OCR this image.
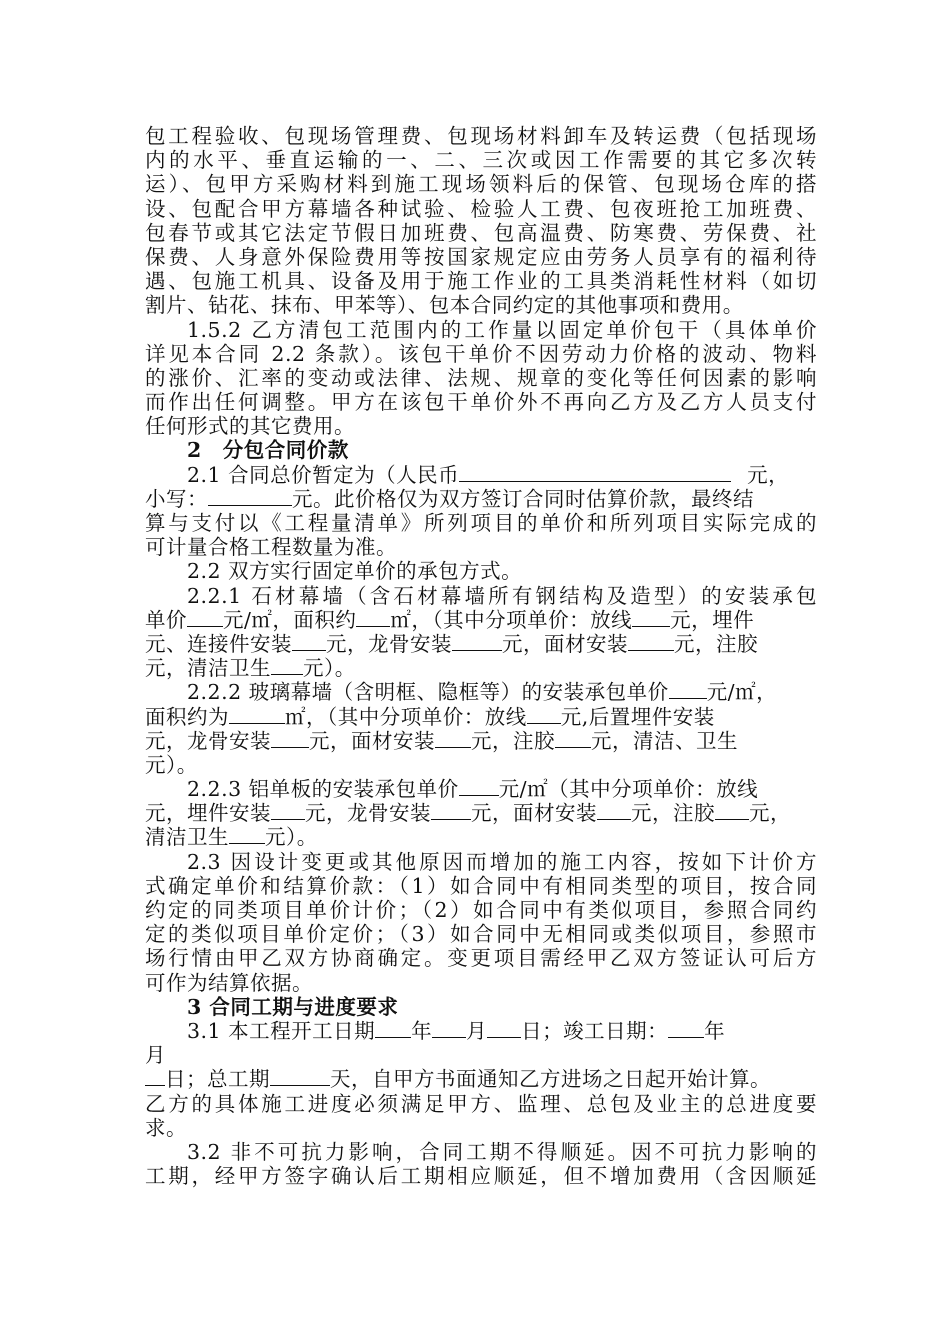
包工程验收、包现场管理费、包现场材料卸车及转运费（包括现场
内的水平、垂直运输的一、二、三次或因工作需要的其它多次转
运）、包甲方采购材料到施工现场领料后的保管、包现场仓库的搭
设、包配合甲方幕墙各种试验、检验人工费、包夜班抢工加班费、
包春节或其它法定节假日加班费、包高温费、防寒费、劳保费、社
保费、人身意外保险费用等按国家规定应由劳务人员享有的福利待
遇、包施工机具、设备及用于施工作业的工具类消耗性材料（如切
割片、钻花、抹布、甲苯等）、包本合同约定的其他事项和费用。
1.5.2 乙方清包工范围内的工作量以固定单价包干（具体单价
详见本合同 2.2 条款）。该包干单价不因劳动力价格的波动、物料
的涨价、汇率的变动或法律、法规、规章的变化等任何因素的影响
而作出任何调整。甲方在该包干单价外不再向乙方及乙方人员支付
任何形式的其它费用。
2　分包合同价款
2.1 合同总价暂定为（人民币	元，
小写：	元。此价格仅为双方签订合同时估算价款，最终结
算与支付以《工程量清单》所列项目的单价和所列项目实际完成的
可计量合格工程数量为准。
2.2 双方实行固定单价的承包方式。
2.2.1 石材幕墙（含石材幕墙所有钢结构及造型）的安装承包
单价 元/㎡，面积约 ㎡，（其中分项单价：放线 元，埋件
元、连接件安装 元，龙骨安装 元，面材安装 元，注胶
元，清洁卫生 元）。
2.2.2 玻璃幕墙（含明框、隐框等）的安装承包单价 元/㎡，
面积约为	㎡，（其中分项单价：放线 元,后置埋件安装
元，龙骨安装 元，面材安装 元，注胶 元，清洁、卫生
元）。
2.2.3 铝单板的安装承包单价 元/㎡（其中分项单价：放线
元，埋件安装 元，龙骨安装 元，面材安装 元，注胶 元，
清洁卫生 元）。
2.3 因设计变更或其他原因而增加的施工内容，按如下计价方
式确定单价和结算价款：（1）如合同中有相同类型的项目，按合同
约定的同类项目单价计价；（2）如合同中有类似项目，参照合同约
定的类似项目单价定价；（3）如合同中无相同或类似项目，参照市
场行情由甲乙双方协商确定。变更项目需经甲乙双方签证认可后方
可作为结算依据。
3 合同工期与进度要求
3.1 本工程开工日期 年 月 日；竣工日期： 年
月
日；总工期	天，自甲方书面通知乙方进场之日起开始计算。
乙方的具体施工进度必须满足甲方、监理、总包及业主的总进度要
求。
3.2 非不可抗力影响，合同工期不得顺延。因不可抗力影响的
工期，经甲方签字确认后工期相应顺延，但不增加费用（含因顺延
